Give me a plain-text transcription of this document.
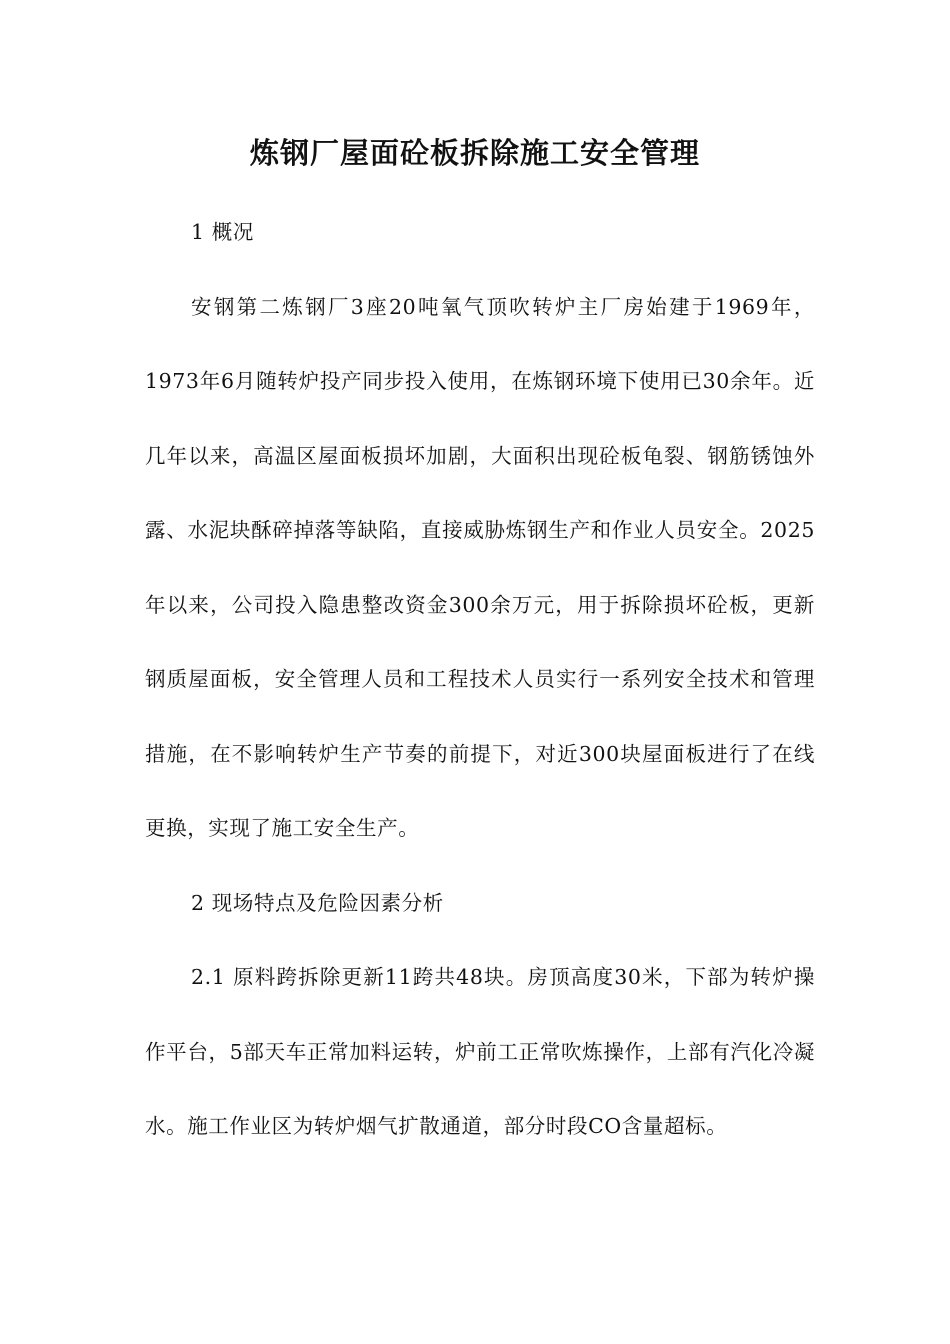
炼钢厂屋面砼板拆除施工安全管理

1 概况

安钢第二炼钢厂3座20吨氧气顶吹转炉主厂房始建于1969年，1973年6月随转炉投产同步投入使用，在炼钢环境下使用已30余年。近几年以来，高温区屋面板损坏加剧，大面积出现砼板龟裂、钢筋锈蚀外露、水泥块酥碎掉落等缺陷，直接威胁炼钢生产和作业人员安全。2025年以来，公司投入隐患整改资金300余万元，用于拆除损坏砼板，更新钢质屋面板，安全管理人员和工程技术人员实行一系列安全技术和管理措施，在不影响转炉生产节奏的前提下，对近300块屋面板进行了在线更换，实现了施工安全生产。

2 现场特点及危险因素分析

2.1 原料跨拆除更新11跨共48块。房顶高度30米，下部为转炉操作平台，5部天车正常加料运转，炉前工正常吹炼操作，上部有汽化冷凝水。施工作业区为转炉烟气扩散通道，部分时段CO含量超标。
